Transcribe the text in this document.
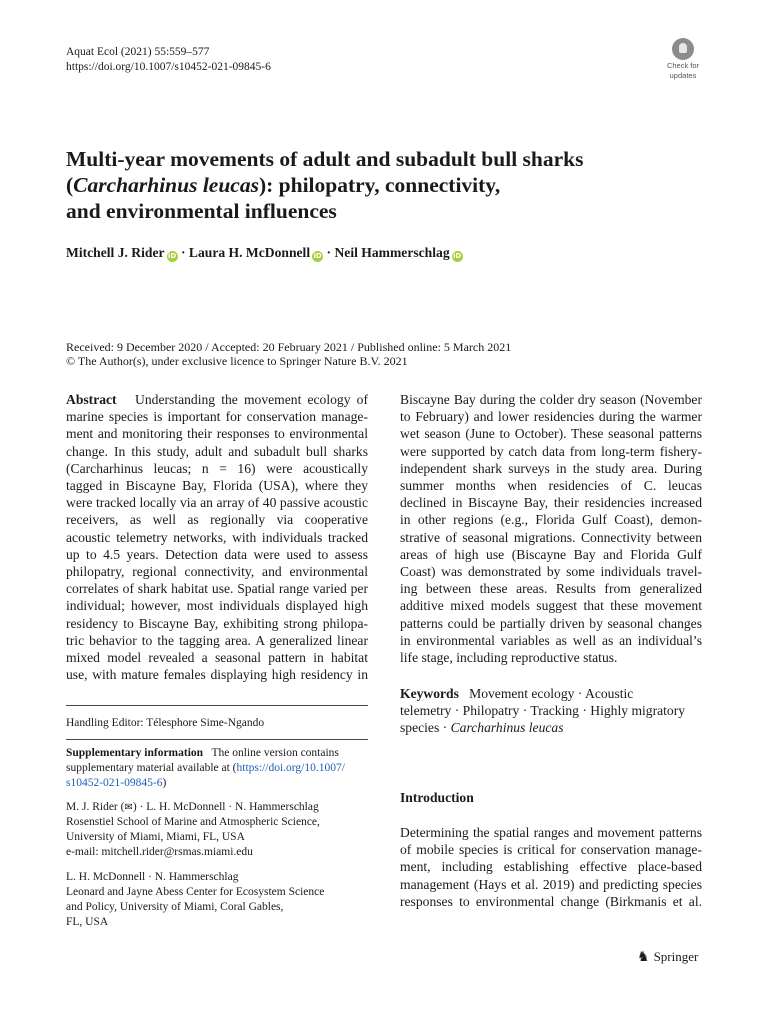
Aquat Ecol (2021) 55:559–577
https://doi.org/10.1007/s10452-021-09845-6	Check for
updates
Multi-year movements of adult and subadult bull sharks
(Carcharhinus leucas): philopatry, connectivity,
and environmental influences
Mitchell J. Rider iD · Laura H. McDonnell iD · Neil Hammerschlag iD
Received: 9 December 2020 / Accepted: 20 February 2021 / Published online: 5 March 2021
© The Author(s), under exclusive licence to Springer Nature B.V. 2021
Abstract Understanding the movement ecology of
marine species is important for conservation manage-
ment and monitoring their responses to environmental
change. In this study, adult and subadult bull sharks
(Carcharhinus leucas; n = 16) were acoustically
tagged in Biscayne Bay, Florida (USA), where they
were tracked locally via an array of 40 passive acoustic
receivers, as well as regionally via cooperative
acoustic telemetry networks, with individuals tracked
up to 4.5 years. Detection data were used to assess
philopatry, regional connectivity, and environmental
correlates of shark habitat use. Spatial range varied per
individual; however, most individuals displayed high
residency to Biscayne Bay, exhibiting strong philopa-
tric behavior to the tagging area. A generalized linear
mixed model revealed a seasonal pattern in habitat
use, with mature females displaying high residency in
Handling Editor: Télesphore Sime-Ngando
Supplementary information The online version contains
supplementary material available at (https://doi.org/10.1007/
s10452-021-09845-6)
M. J. Rider (✉) · L. H. McDonnell · N. Hammerschlag
Rosenstiel School of Marine and Atmospheric Science,
University of Miami, Miami, FL, USA
e-mail: mitchell.rider@rsmas.miami.edu
L. H. McDonnell · N. Hammerschlag
Leonard and Jayne Abess Center for Ecosystem Science
and Policy, University of Miami, Coral Gables,
FL, USA
Biscayne Bay during the colder dry season (November
to February) and lower residencies during the warmer
wet season (June to October). These seasonal patterns
were supported by catch data from long-term fishery-
independent shark surveys in the study area. During
summer months when residencies of C. leucas
declined in Biscayne Bay, their residencies increased
in other regions (e.g., Florida Gulf Coast), demon-
strative of seasonal migrations. Connectivity between
areas of high use (Biscayne Bay and Florida Gulf
Coast) was demonstrated by some individuals travel-
ing between these areas. Results from generalized
additive mixed models suggest that these movement
patterns could be partially driven by seasonal changes
in environmental variables as well as an individual’s
life stage, including reproductive status.
Keywords Movement ecology · Acoustic
telemetry · Philopatry · Tracking · Highly migratory
species · Carcharhinus leucas
Introduction
Determining the spatial ranges and movement patterns
of mobile species is critical for conservation manage-
ment, including establishing effective place-based
management (Hays et al. 2019) and predicting species
responses to environmental change (Birkmanis et al.
♞ Springer
